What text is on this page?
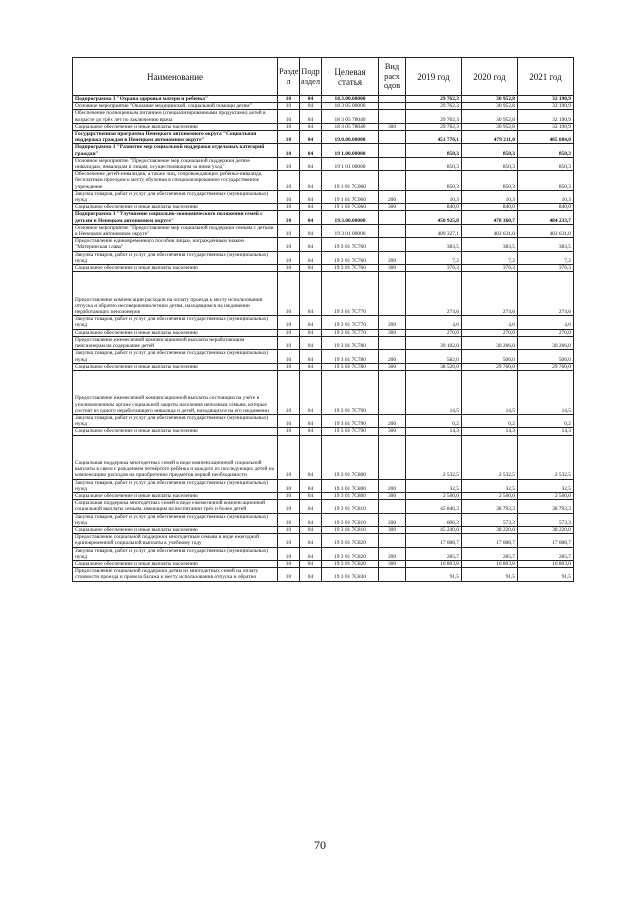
Наименование	Разде л	Подр аздел	Целевая статья	Вид расх одов	2019 год	2020 год	2021 год
Подпрограмма 3 "Охрана здоровья матери и ребенка"	10	04	18.3.00.00000		29 762,3	30 952,8	32 190,9
Основное мероприятие "Оказание медицинской, социальной помощи детям"	10	04	18 3 05 00000		29 762,3	30 952,8	32 190,9
Обеспечение полноценным питанием (специализированными продуктами) детей в возрасте до трёх лет по заключению врача	10	04	18 3 05 78040		29 762,3	30 952,8	32 190,9
Социальное обеспечение и иные выплаты населению	10	04	18 3 05 78040	300	29 762,3	30 952,8	32 190,9
Государственная программа Ненецкого автономного округа "Социальная поддержка граждан в Ненецком автономном округе"	10	04	19.0.00.00000		451 776,1	479 211,0	485 084,0
Подпрограмма 1 "Развитие мер социальной поддержки отдельных категорий граждан"	10	04	19 1.00.00000		850,3	850,3	850,3
Основное мероприятие "Предоставление мер социальной поддержки детям-инвалидам, инвалидам и лицам, осуществляющим за ними уход"	10	04	19 1 01 00000		850,3	850,3	850,3
Обеспечение детей-инвалидов, а также лиц, сопровождающих ребёнка-инвалида, бесплатным проездом к месту обучения в специализированное государственное учреждение	10	04	19 1 01 7С060		850,3	850,3	850,3
Закупка товаров, работ и услуг для обеспечения государственных (муниципальных) нужд	10	04	19 1 01 7С060	200	10,3	10,3	10,3
Социальное обеспечение и иные выплаты населению	10	04	19 1 01 7С060	300	840,0	840,0	840,0
Подпрограмма 3 "Улучшение социально-экономического положения семей с детьми в Ненецком автономном округе"	10	04	19.3.00.00000		450 925,8	478 360,7	484 233,7
Основное мероприятие "Предоставление мер социальной поддержки семьям с детьми в Ненецком автономном округе"	10	04	19 3 01 00000		409 327,1	402 631,0	402 631,0
Предоставление единовременного пособия лицам, награждённым знаком "Материнская слава"	10	04	19 3 01 7С760		383,5	383,5	383,5
Закупка товаров, работ и услуг для обеспечения государственных (муниципальных) нужд	10	04	19 3 01 7С760	200	7,2	7,2	7,2
Социальное обеспечение и иные выплаты населению	10	04	19 3 01 7С760	300	376,3	376,3	376,3
Предоставление компенсации расходов на оплату проезда к месту использования отпуска и обратно несовершеннолетним детям, находящимся на иждивении неработающих пенсионеров	10	04	19 3 01 7С770		274,6	274,6	274,6
Закупка товаров, работ и услуг для обеспечения государственных (муниципальных) нужд	10	04	19 3 01 7С770	200	4,6	4,6	4,6
Социальное обеспечение и иные выплаты населению	10	04	19 3 01 7С770	300	270,0	270,0	270,0
Предоставление ежемесячной компенсационной выплаты неработающим пенсионерам на содержание детей	10	04	19 3 01 7С780		39 102,0	30 266,0	30 266,0
Закупка товаров, работ и услуг для обеспечения государственных (муниципальных) нужд	10	04	19 3 01 7С780	200	582,0	506,0	506,0
Социальное обеспечение и иные выплаты населению	10	04	19 3 01 7С780	300	38 520,0	29 760,0	29 760,0
Предоставление ежемесячной компенсационной выплаты состоящим на учёте в уполномоченном органе социальной защиты населения неполным семьям, которые состоят из одного неработающего инвалида и детей, находящихся на его иждивении	10	04	19 3 01 7С790		14,5	14,5	14,5
Закупка товаров, работ и услуг для обеспечения государственных (муниципальных) нужд	10	04	19 3 01 7С790	200	0,2	0,2	0,2
Социальное обеспечение и иные выплаты населению	10	04	19 3 01 7С790	300	14,3	14,3	14,3
Социальная поддержка многодетных семей в виде компенсационной социальной выплаты в связи с рождением четвёртого ребёнка и каждого из последующих детей на компенсацию расходов на приобретение предметов первой необходимости	10	04	19 3 01 7С800		2 532,5	2 532,5	2 532,5
Закупка товаров, работ и услуг для обеспечения государственных (муниципальных) нужд	10	04	19 3 01 7С800	200	32,5	32,5	32,5
Социальное обеспечение и иные выплаты населению	10	04	19 3 01 7С800	300	2 500,0	2 500,0	2 500,0
Социальная поддержка многодетных семей в виде ежемесячной компенсационной социальной выплаты семьям, имеющим на воспитании трёх и более детей	10	04	19 3 01 7С810		45 846,3	38 793,3	38 793,3
Закупка товаров, работ и услуг для обеспечения государственных (муниципальных) нужд	10	04	19 3 01 7С810	200	606,3	573,3	573,3
Социальное обеспечение и иные выплаты населению	10	04	19 3 01 7С810	300	45 240,0	38 220,0	38 220,0
Предоставление социальной поддержки многодетным семьям в виде ежегодной единовременной социальной выплаты к учебному году	10	04	19 3 01 7С820		17 088,7	17 088,7	17 088,7
Закупка товаров, работ и услуг для обеспечения государственных (муниципальных) нужд	10	04	19 3 01 7С820	200	285,7	285,7	285,7
Социальное обеспечение и иные выплаты населению	10	04	19 3 01 7С820	300	16 803,0	16 803,0	16 803,0
Предоставление социальной поддержки детям из многодетных семей на оплату стоимости проезда и провоза багажа к месту использования отпуска и обратно	10	04	19 3 01 7С830		91,5	91,5	91,5
70
